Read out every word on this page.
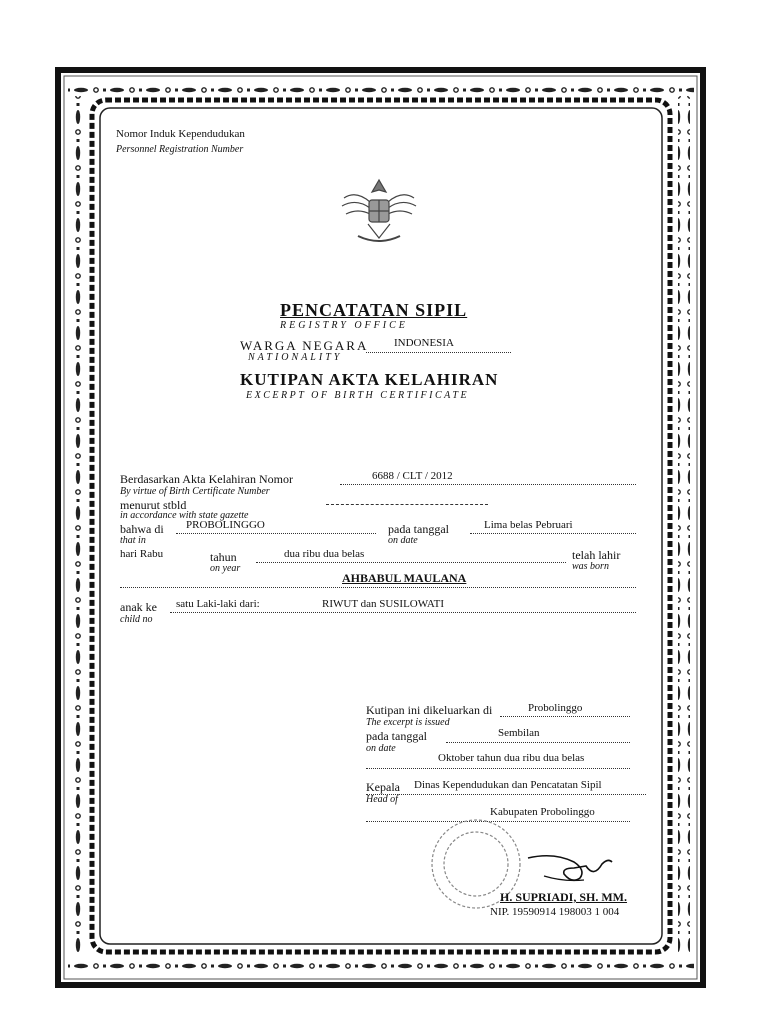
Nomor Induk Kependudukan
Personnel Registration Number
PENCATATAN SIPIL
REGISTRY OFFICE
WARGA NEGARA INDONESIA
NATIONALITY
KUTIPAN AKTA KELAHIRAN
EXCERPT OF BIRTH CERTIFICATE
Berdasarkan Akta Kelahiran Nomor	6688 / CLT / 2012
By virtue of Birth Certificate Number
menurut stbld
in accordance with state gazette
bahwa di PROBOLINGGO
that in
pada tanggal	Lima belas Pebruari
on date
hari Rabu	tahun
on year
dua ribu dua belas	telah lahir
was born
AHBABUL MAULANA
anak ke
child no
satu Laki-laki dari:	RIWUT dan SUSILOWATI
Kutipan ini dikeluarkan di	Probolinggo
The excerpt is issued
pada tanggal
on date
Sembilan
Oktober tahun dua ribu dua belas
Kepala
Head of
Dinas Kependudukan dan Pencatatan Sipil
Kabupaten Probolinggo
H. SUPRIADI, SH. MM.
NIP. 19590914 198003 1 004
